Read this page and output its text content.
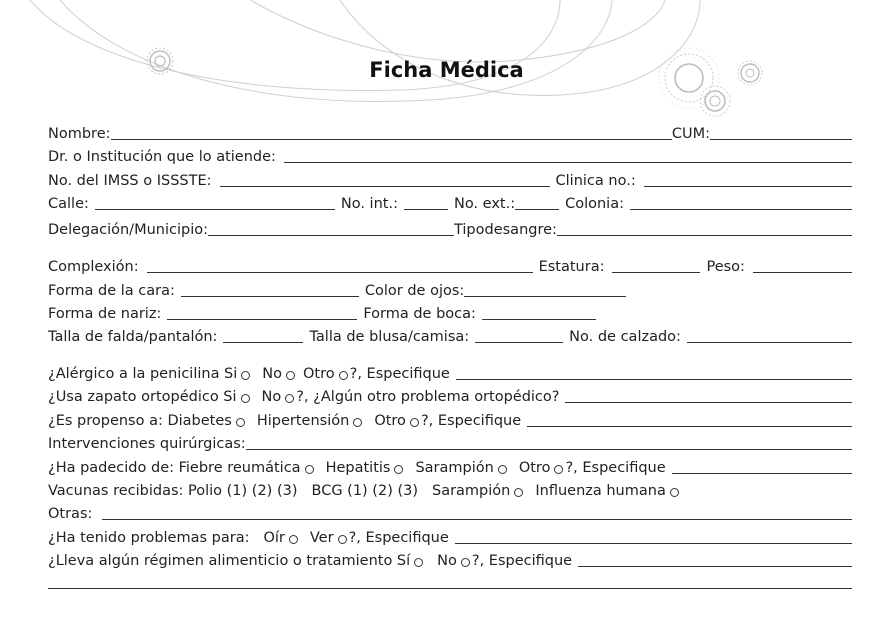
Ficha Médica
Nombre:	CUM:
Dr. o Institución que lo atiende:
No. del IMSS o ISSSTE:	Clinica no.:
Calle:	No. int.:	No. ext.:	Colonia:
Delegación/Municipio:	Tipodesangre:
Complexión:	Estatura:	Peso:
Forma de la cara:	Color de ojos:
Forma de nariz:	Forma de boca:
Talla de falda/pantalón:	Talla de blusa/camisa:	No. de calzado:
¿Alérgico a la penicilina Si No Otro ?, Especifique
¿Usa zapato ortopédico Si No ?, ¿Algún otro problema ortopédico?
¿Es propenso a: Diabetes Hipertensión Otro ?, Especifique
Intervenciones quirúrgicas:
¿Ha padecido de: Fiebre reumática Hepatitis Sarampión Otro ?, Especifique
Vacunas recibidas: Polio (1) (2) (3) BCG (1) (2) (3) Sarampión Influenza humana
Otras:
¿Ha tenido problemas para: Oír Ver ?, Especifique
¿Lleva algún régimen alimenticio o tratamiento Sí No ?, Especifique
